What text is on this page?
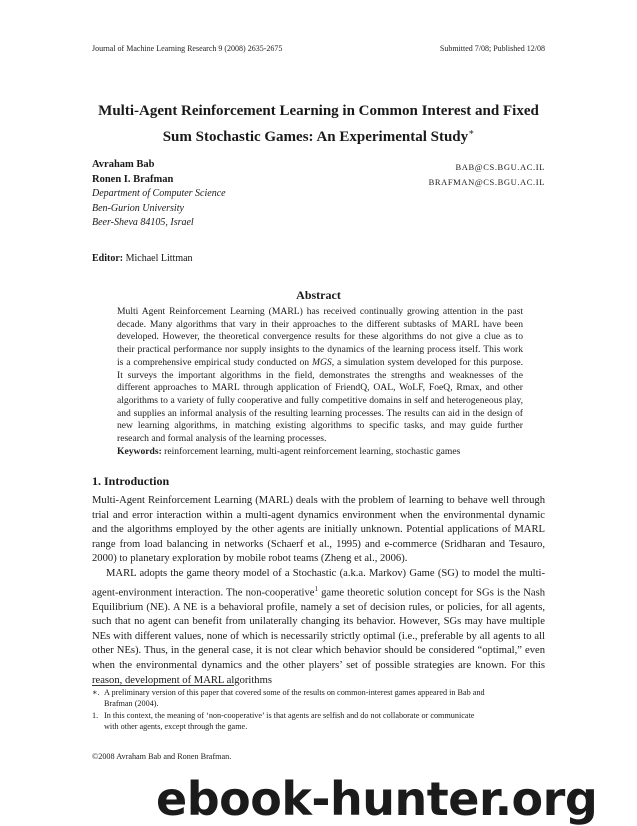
Journal of Machine Learning Research 9 (2008) 2635-2675	Submitted 7/08; Published 12/08
Multi-Agent Reinforcement Learning in Common Interest and Fixed
Sum Stochastic Games: An Experimental Study∗
Avraham Bab
Ronen I. Brafman
Department of Computer Science
Ben-Gurion University
Beer-Sheva 84105, Israel
BAB@CS.BGU.AC.IL
BRAFMAN@CS.BGU.AC.IL
Editor: Michael Littman
Abstract
Multi Agent Reinforcement Learning (MARL) has received continually growing attention in the past decade. Many algorithms that vary in their approaches to the different subtasks of MARL have been developed. However, the theoretical convergence results for these algorithms do not give a clue as to their practical performance nor supply insights to the dynamics of the learning process itself. This work is a comprehensive empirical study conducted on MGS, a simulation system developed for this purpose. It surveys the important algorithms in the field, demonstrates the strengths and weaknesses of the different approaches to MARL through application of FriendQ, OAL, WoLF, FoeQ, Rmax, and other algorithms to a variety of fully cooperative and fully competitive domains in self and heterogeneous play, and supplies an informal analysis of the resulting learning processes. The results can aid in the design of new learning algorithms, in matching existing algorithms to specific tasks, and may guide further research and formal analysis of the learning processes.
Keywords: reinforcement learning, multi-agent reinforcement learning, stochastic games
1. Introduction

Multi-Agent Reinforcement Learning (MARL) deals with the problem of learning to behave well through trial and error interaction within a multi-agent dynamics environment when the environmental dynamic and the algorithms employed by the other agents are initially unknown. Potential applications of MARL range from load balancing in networks (Schaerf et al., 1995) and e-commerce (Sridharan and Tesauro, 2000) to planetary exploration by mobile robot teams (Zheng et al., 2006).

MARL adopts the game theory model of a Stochastic (a.k.a. Markov) Game (SG) to model the multi-agent-environment interaction. The non-cooperative$^1$ game theoretic solution concept for SGs is the Nash Equilibrium (NE). A NE is a behavioral profile, namely a set of decision rules, or policies, for all agents, such that no agent can benefit from unilaterally changing its behavior. However, SGs may have multiple NEs with different values, none of which is necessarily strictly optimal (i.e., preferable by all agents to all other NEs). Thus, in the general case, it is not clear which behavior should be considered “optimal,” even when the environmental dynamics and the other players’ set of possible strategies are known. For this reason, development of MARL algorithms

∗. A preliminary version of this paper that covered some of the results on common-interest games appeared in Bab and
Brafman (2004).
1. In this context, the meaning of ‘non-cooperative’ is that agents are selfish and do not collaborate or communicate
with other agents, except through the game.
©2008 Avraham Bab and Ronen Brafman.
ebook-hunter.org
